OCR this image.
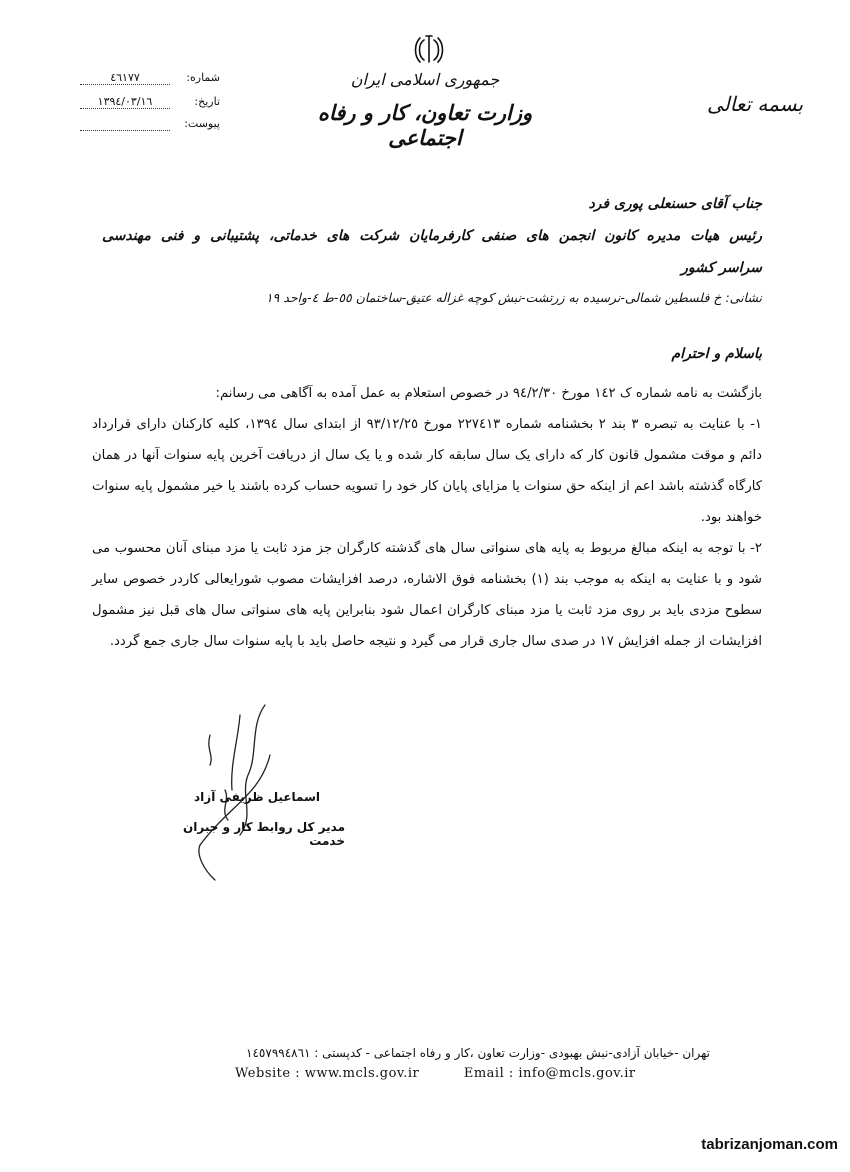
جمهوری اسلامی ایران
وزارت تعاون، کار و رفاه اجتماعی
بسمه تعالی
شماره:
٤٦١٧٧
تاریخ:
١٣٩٤/٠٣/١٦
پیوست:

جناب آقای حسنعلی پوری فرد
رئیس هیات مدیره کانون انجمن های صنفی کارفرمایان شرکت های خدماتی، پشتیبانی و فنی مهندسی
سراسر کشور
نشانی: خ فلسطین شمالی-نرسیده به زرتشت-نبش کوچه غزاله عتیق-ساختمان ٥٥-ط ٤-واحد ١٩
باسلام و احترام

بازگشت به نامه شماره ک ١٤٢ مورخ ٩٤/٢/٣٠ در خصوص استعلام به عمل آمده به آگاهی می رسانم:

١- با عنایت به تبصره ٣ بند ٢ بخشنامه شماره ٢٢٧٤١٣ مورخ ٩٣/١٢/٢٥ از ابتدای سال ١٣٩٤، کلیه کارکنان دارای قرارداد دائم و موقت مشمول قانون کار که دارای یک سال سابقه کار شده و یا یک سال از دریافت آخرین پایه سنوات آنها در همان کارگاه گذشته باشد اعم از اینکه حق سنوات یا مزایای پایان کار خود را تسویه حساب کرده باشند یا خیر مشمول پایه سنوات خواهند بود.

٢- با توجه به اینکه مبالغ مربوط به پایه های سنواتی سال های گذشته کارگران جز مزد ثابت یا مزد مبنای آنان محسوب می شود و با عنایت به اینکه به موجب بند (١) بخشنامه فوق الاشاره، درصد افزایشات مصوب شورایعالی کاردر خصوص سایر سطوح مزدی باید بر روی مزد ثابت یا مزد مبنای کارگران اعمال شود بنابراین پایه های سنواتی سال های قبل نیز مشمول افزایشات از جمله افزایش ١٧ در صدی سال جاری قرار می گیرد و نتیجه حاصل باید با پایه سنوات سال جاری جمع گردد.

اسماعیل ظریفی آزاد
مدیر کل روابط کار و جبران خدمت
تهران -خیابان آزادی-نبش بهبودی -وزارت تعاون ،کار و رفاه اجتماعی - کدپستی : ١٤٥٧٩٩٤٨٦١
Website : www.mcls.gov.ir	Email : info@mcls.gov.ir
tabrizanjoman.com
